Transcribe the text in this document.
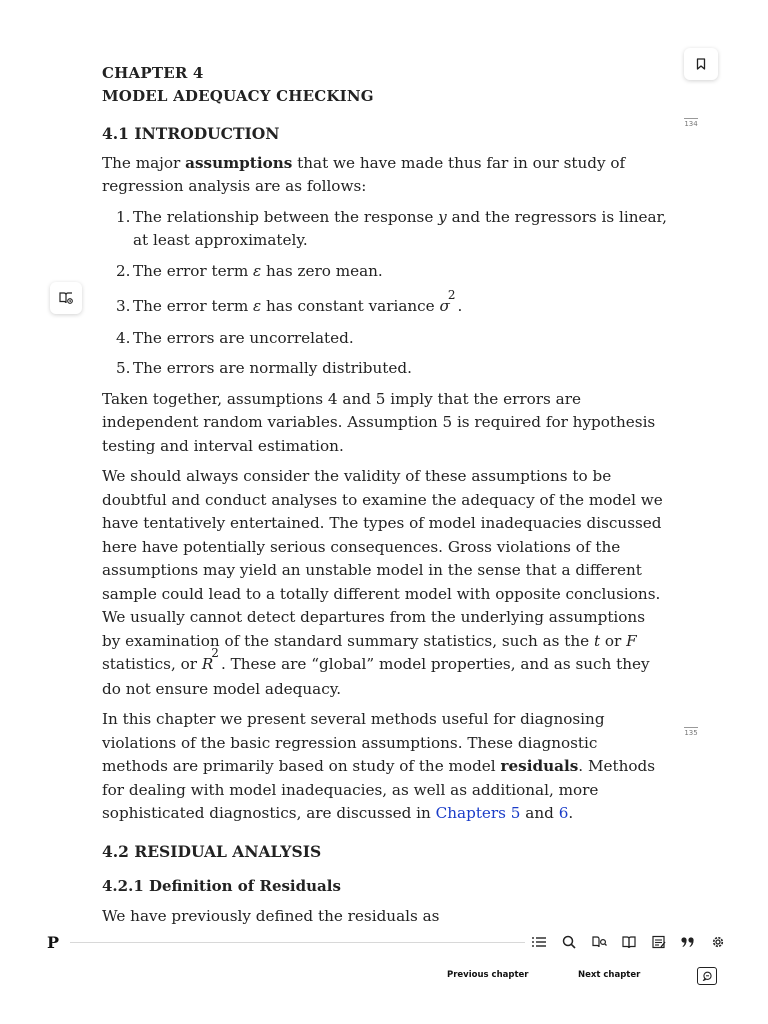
134
135
CHAPTER 4
MODEL ADEQUACY CHECKING
4.1 INTRODUCTION

The major assumptions that we have made thus far in our study of regression analysis are as follows:

1. The relationship between the response y and the regressors is linear, at least approximately.
2. The error term ε has zero mean.
3. The error term ε has constant variance $\sigma^2$.
4. The errors are uncorrelated.
5. The errors are normally distributed.

Taken together, assumptions 4 and 5 imply that the errors are independent random variables. Assumption 5 is required for hypothesis testing and interval estimation.

We should always consider the validity of these assumptions to be doubtful and conduct analyses to examine the adequacy of the model we have tentatively entertained. The types of model inadequacies discussed here have potentially serious consequences. Gross violations of the assumptions may yield an unstable model in the sense that a different sample could lead to a totally different model with opposite conclusions. We usually cannot detect departures from the underlying assumptions by examination of the standard summary statistics, such as the t or F statistics, or $R^2$. These are “global” model properties, and as such they do not ensure model adequacy.

In this chapter we present several methods useful for diagnosing violations of the basic regression assumptions. These diagnostic methods are primarily based on study of the model residuals. Methods for dealing with model inadequacies, as well as additional, more sophisticated diagnostics, are discussed in Chapters 5 and 6.

4.2 RESIDUAL ANALYSIS
4.2.1 Definition of Residuals

We have previously defined the residuals as

P
Previous chapter	Next chapter
